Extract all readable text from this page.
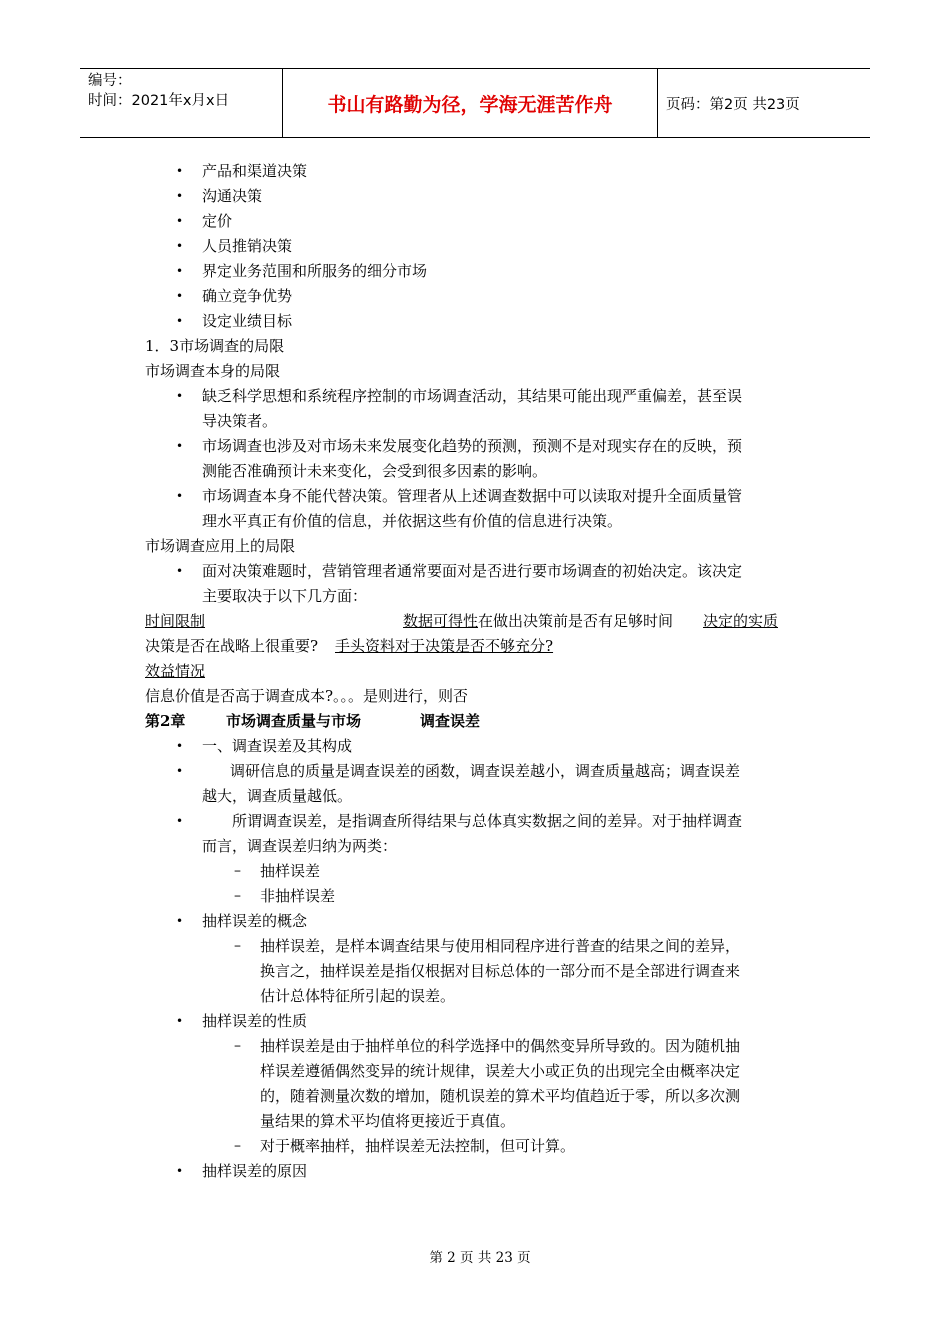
编号：
时间：2021年x月x日	书山有路勤为径，学海无涯苦作舟	页码：第2页 共23页
• 产品和渠道决策
• 沟通决策
• 定价
• 人员推销决策
• 界定业务范围和所服务的细分市场
• 确立竞争优势
• 设定业绩目标
1．3市场调查的局限
市场调查本身的局限
• 缺乏科学思想和系统程序控制的市场调查活动，其结果可能出现严重偏差，甚至误
导决策者。
• 市场调查也涉及对市场未来发展变化趋势的预测，预测不是对现实存在的反映，预
测能否准确预计未来变化，会受到很多因素的影响。
• 市场调查本身不能代替决策。管理者从上述调查数据中可以读取对提升全面质量管
理水平真正有价值的信息，并依据这些有价值的信息进行决策。
市场调查应用上的局限
• 面对决策难题时，营销管理者通常要面对是否进行要市场调查的初始决定。该决定
主要取决于以下几方面：
时间限制	数据可得性 在做出决策前是否有足够时间 决定的实质
决策是否在战略上很重要? 手头资料对于决策是否不够充分?
效益情况
信息价值是否高于调查成本?。。。是则进行，则否
第2章	市场调查质量与市场	调查误差
• 一、调查误差及其构成
•	调研信息的质量是调查误差的函数，调查误差越小，调查质量越高；调查误差
越大，调查质量越低。
•	所谓调查误差，是指调查所得结果与总体真实数据之间的差异。对于抽样调查
而言，调查误差归纳为两类：
– 抽样误差
– 非抽样误差
• 抽样误差的概念
– 抽样误差，是样本调查结果与使用相同程序进行普查的结果之间的差异，
换言之，抽样误差是指仅根据对目标总体的一部分而不是全部进行调查来
估计总体特征所引起的误差。
• 抽样误差的性质
– 抽样误差是由于抽样单位的科学选择中的偶然变异所导致的。因为随机抽
样误差遵循偶然变异的统计规律，误差大小或正负的出现完全由概率决定
的，随着测量次数的增加，随机误差的算术平均值趋近于零，所以多次测
量结果的算术平均值将更接近于真值。
– 对于概率抽样，抽样误差无法控制，但可计算。
• 抽样误差的原因
第 2 页 共 23 页
